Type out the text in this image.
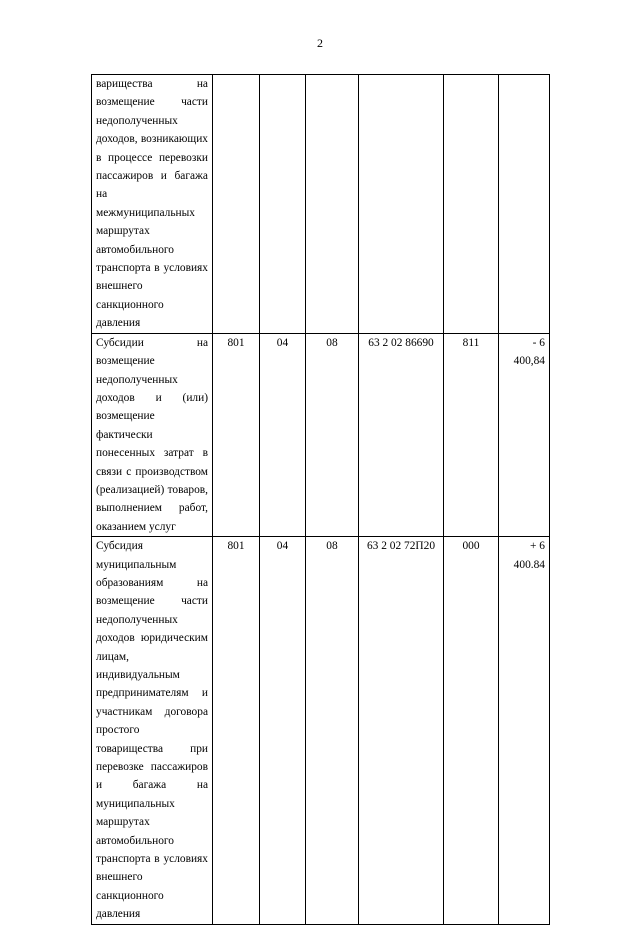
2
варищества на возмещение части недополученных доходов, возникающих в процессе перевозки пассажиров и багажа на межмуниципальных маршрутах автомобильного транспорта в условиях внешнего санкционного давления						
Субсидии на возмещение недополученных доходов и (или) возмещение фактически понесенных затрат в связи с производством (реализацией) товаров, выполнением работ, оказанием услуг	801	04	08	63 2 02 86690	811	- 6 400,84
Субсидия муниципальным образованиям на возмещение части недополученных доходов юридическим лицам, индивидуальным предпринимателям и участникам договора простого товарищества при перевозке пассажиров и багажа на муниципальных маршрутах автомобильного транспорта в условиях внешнего санкционного давления	801	04	08	63 2 02 72П20	000	+ 6 400.84
